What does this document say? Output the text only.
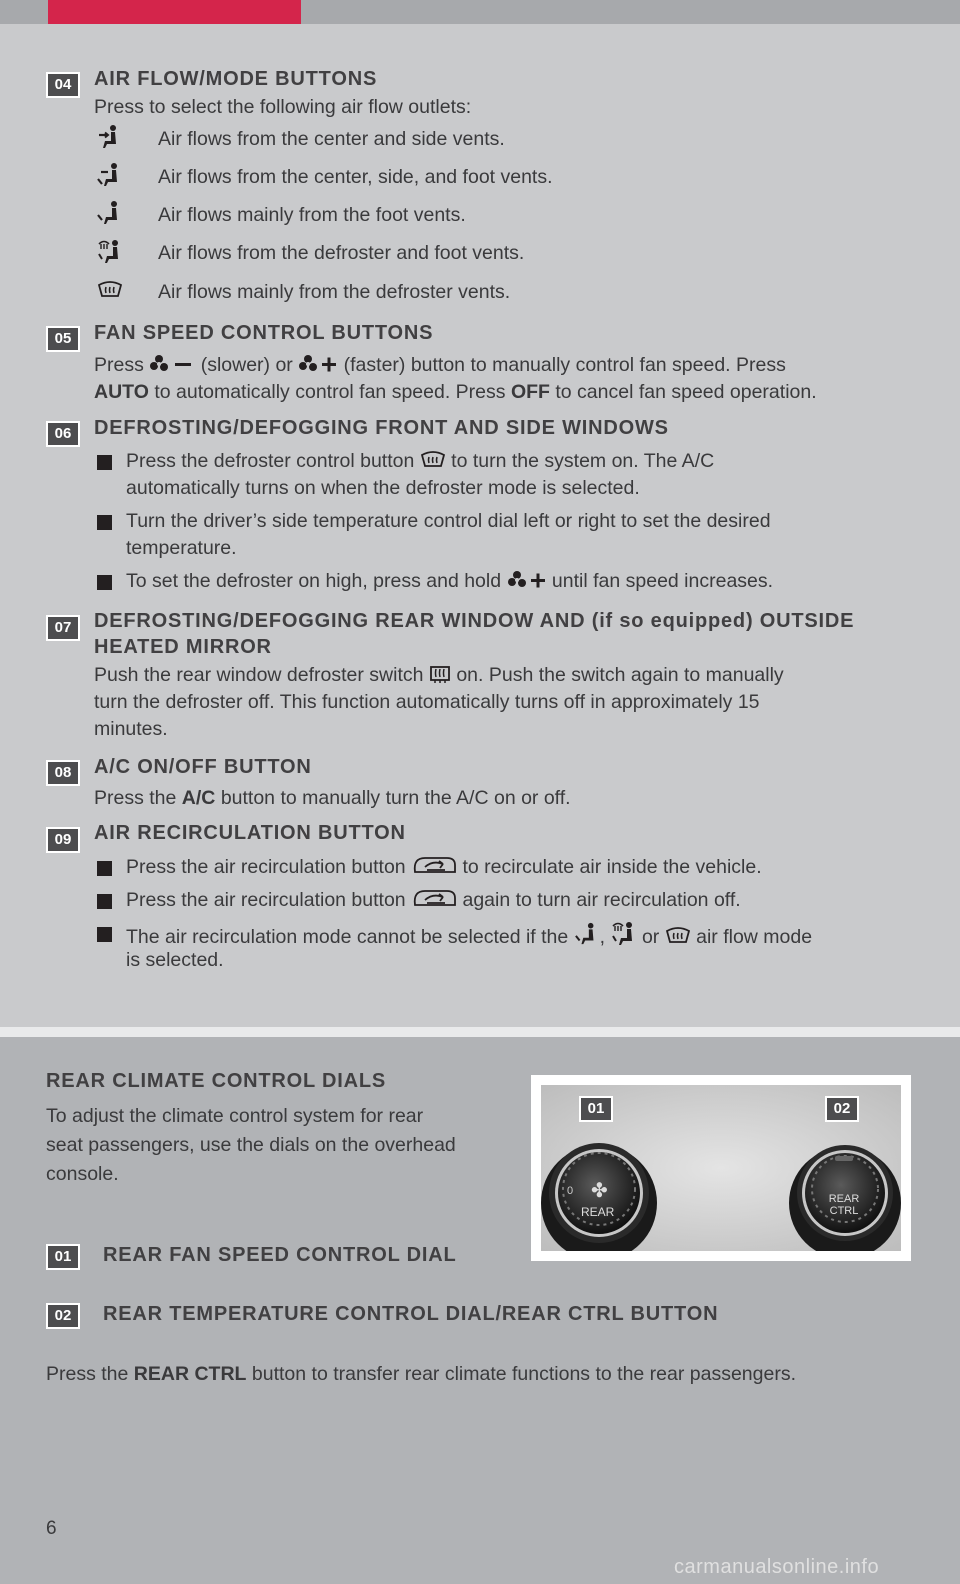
04	AIR FLOW/MODE BUTTONS
Press to select the following air flow outlets:
Air flows from the center and side vents.
Air flows from the center, side, and foot vents.
Air flows mainly from the foot vents.
Air flows from the defroster and foot vents.
Air flows mainly from the defroster vents.
05	FAN SPEED CONTROL BUTTONS
Press	(slower) or	(faster) button to manually control fan speed. Press
AUTO to automatically control fan speed. Press OFF to cancel fan speed operation.
06	DEFROSTING/DEFOGGING FRONT AND SIDE WINDOWS
Press the defroster control button to turn the system on. The A/C
automatically turns on when the defroster mode is selected.
Turn the driver’s side temperature control dial left or right to set the desired
temperature.
To set the defroster on high, press and hold	until fan speed increases.
07	DEFROSTING/DEFOGGING REAR WINDOW AND (if so equipped) OUTSIDE
HEATED MIRROR
Push the rear window defroster switch on. Push the switch again to manually
turn the defroster off. This function automatically turns off in approximately 15
minutes.
08	A/C ON/OFF BUTTON
Press the A/C button to manually turn the A/C on or off.
09	AIR RECIRCULATION BUTTON
Press the air recirculation button	to recirculate air inside the vehicle.
Press the air recirculation button	again to turn air recirculation off.
The air recirculation mode cannot be selected if the , or air flow mode
is selected.
REAR CLIMATE CONTROL DIALS
To adjust the climate control system for rear
seat passengers, use the dials on the overhead
console.
✤
0
REAR
REAR
CTRL
01	02
01	REAR FAN SPEED CONTROL DIAL
02	REAR TEMPERATURE CONTROL DIAL/REAR CTRL BUTTON
Press the REAR CTRL button to transfer rear climate functions to the rear passengers.
6
carmanualsonline.info
